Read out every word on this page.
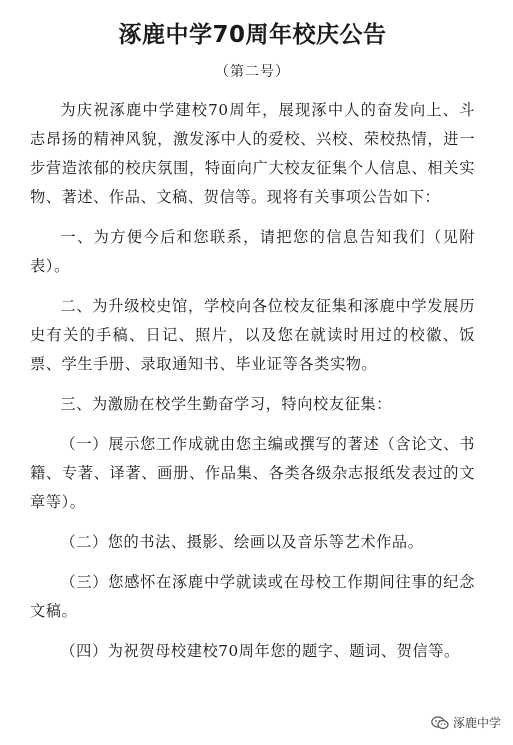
涿鹿中学70周年校庆公告
（第二号）

为庆祝涿鹿中学建校70周年，展现涿中人的奋发向上、斗志昂扬的精神风貌，激发涿中人的爱校、兴校、荣校热情，进一步营造浓郁的校庆氛围，特面向广大校友征集个人信息、相关实物、著述、作品、文稿、贺信等。现将有关事项公告如下：

一、为方便今后和您联系，请把您的信息告知我们（见附表）。

二、为升级校史馆，学校向各位校友征集和涿鹿中学发展历史有关的手稿、日记、照片，以及您在就读时用过的校徽、饭票、学生手册、录取通知书、毕业证等各类实物。

三、为激励在校学生勤奋学习，特向校友征集：

（一）展示您工作成就由您主编或撰写的著述（含论文、书籍、专著、译著、画册、作品集、各类各级杂志报纸发表过的文章等）。

（二）您的书法、摄影、绘画以及音乐等艺术作品。

（三）您感怀在涿鹿中学就读或在母校工作期间往事的纪念文稿。

（四）为祝贺母校建校70周年您的题字、题词、贺信等。

涿鹿中学
